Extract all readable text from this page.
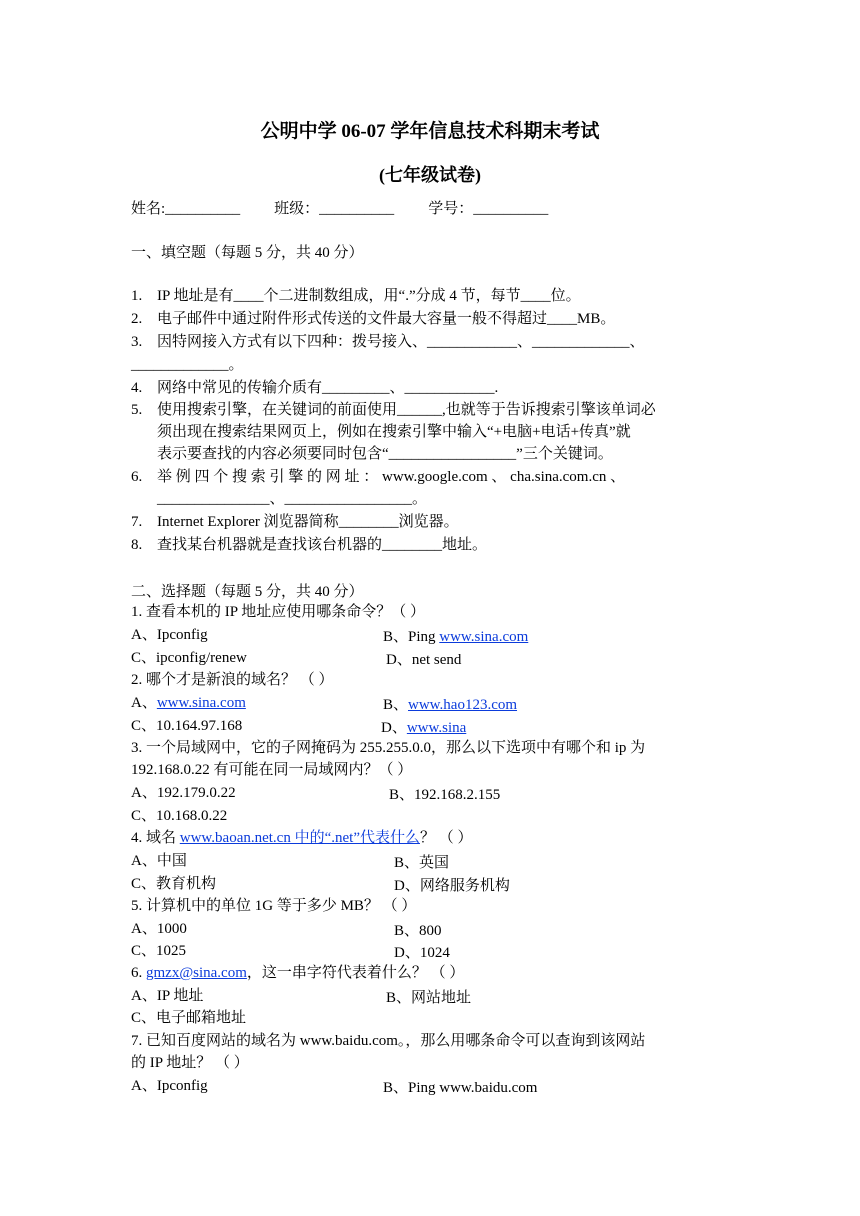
公明中学 06-07 学年信息技术科期末考试
(七年级试卷)
姓名:__________ 班级：__________ 学号：__________
一、填空题（每题 5 分，共 40 分）
1. IP 地址是有____个二进制数组成，用“.”分成 4 节，每节____位。
2. 电子邮件中通过附件形式传送的文件最大容量一般不得超过____MB。
3. 因特网接入方式有以下四种：拨号接入、____________、_____________、
_____________。
4. 网络中常见的传输介质有_________、____________.
5. 使用搜索引擎，在关键词的前面使用______,也就等于告诉搜索引擎该单词必
须出现在搜索结果网页上，例如在搜索引擎中输入“+电脑+电话+传真”就
表示要查找的内容必须要同时包含“_________________”三个关键词。
6. 举 例 四 个 搜 索 引 擎 的 网 址 ： www.google.com 、 cha.sina.com.cn 、
_______________、_________________。
7. Internet Explorer 浏览器简称________浏览器。
8. 查找某台机器就是查找该台机器的________地址。
二、选择题（每题 5 分，共 40 分）
1. 查看本机的 IP 地址应使用哪条命令？（ ）
A、Ipconfig	B、Ping www.sina.com
C、ipconfig/renew	D、net send
2. 哪个才是新浪的域名？ （ ）
A、www.sina.com	B、www.hao123.com
C、10.164.97.168	D、www.sina
3. 一个局域网中，它的子网掩码为 255.255.0.0，那么以下选项中有哪个和 ip 为
192.168.0.22 有可能在同一局域网内？（ ）
A、192.179.0.22	B、192.168.2.155
C、10.168.0.22
4. 域名 www.baoan.net.cn 中的“.net”代表什么？ （ ）
A、中国	B、英国
C、教育机构	D、网络服务机构
5. 计算机中的单位 1G 等于多少 MB？ （ ）
A、1000	B、800
C、1025	D、1024
6. gmzx@sina.com，这一串字符代表着什么？ （ ）
A、IP 地址	B、网站地址
C、电子邮箱地址
7. 已知百度网站的域名为 www.baidu.com。，那么用哪条命令可以查询到该网站
的 IP 地址？ （ ）
A、Ipconfig	B、Ping www.baidu.com
